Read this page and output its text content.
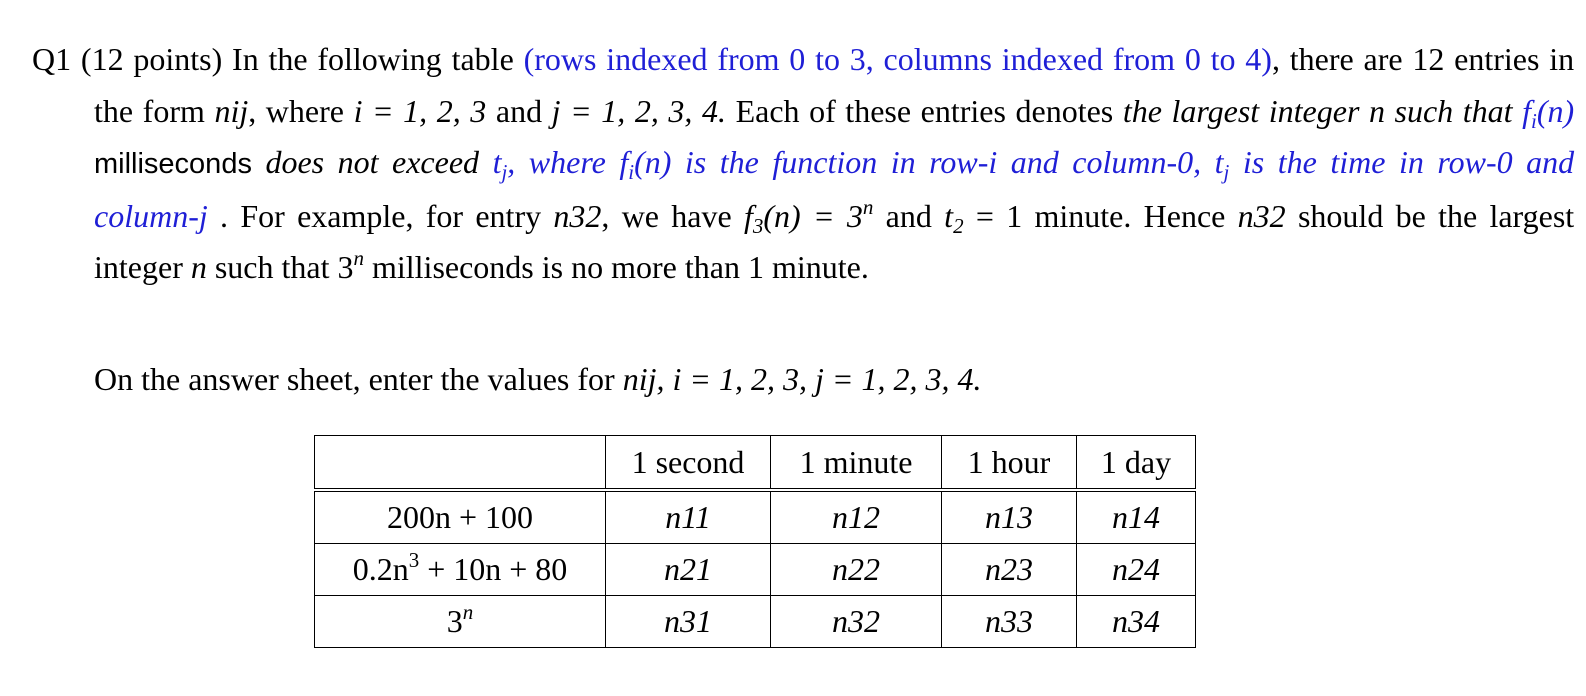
Q1 (12 points) In the following table (rows indexed from 0 to 3, columns indexed from 0 to 4), there are 12 entries in the form nij, where i = 1, 2, 3 and j = 1, 2, 3, 4. Each of these entries denotes the largest integer n such that $f_i(n)$ milliseconds does not exceed $t_j$, where $f_i(n)$ is the function in row-i and column-0, $t_j$ is the time in row-0 and column-j . For example, for entry n32, we have $f_3(n) = 3^n$ and $t_2 = 1$ minute. Hence n32 should be the largest integer n such that 3$^n$ milliseconds is no more than 1 minute.
On the answer sheet, enter the values for nij, i = 1, 2, 3, j = 1, 2, 3, 4.
	1 second	1 minute	1 hour	1 day
200n + 100	n11	n12	n13	n14
$0.2n^3 + 10n + 80$	n21	n22	n23	n24
3$^n$	n31	n32	n33	n34
